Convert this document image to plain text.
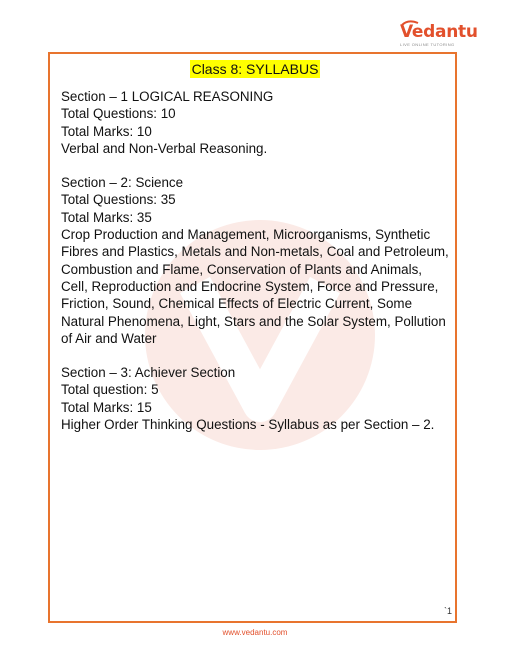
Vedantu
LIVE ONLINE TUTORING
Class 8: SYLLABUS

Section – 1 LOGICAL REASONING

Total Questions: 10

Total Marks: 10

Verbal and Non-Verbal Reasoning.

Section – 2: Science

Total Questions: 35

Total Marks: 35

Crop Production and Management, Microorganisms, Synthetic Fibres and Plastics, Metals and Non-metals, Coal and Petroleum, Combustion and Flame, Conservation of Plants and Animals, Cell, Reproduction and Endocrine System, Force and Pressure, Friction, Sound, Chemical Effects of Electric Current, Some Natural Phenomena, Light, Stars and the Solar System, Pollution of Air and Water

Section – 3: Achiever Section

Total question: 5

Total Marks: 15

Higher Order Thinking Questions - Syllabus as per Section – 2.

`1
www.vedantu.com
